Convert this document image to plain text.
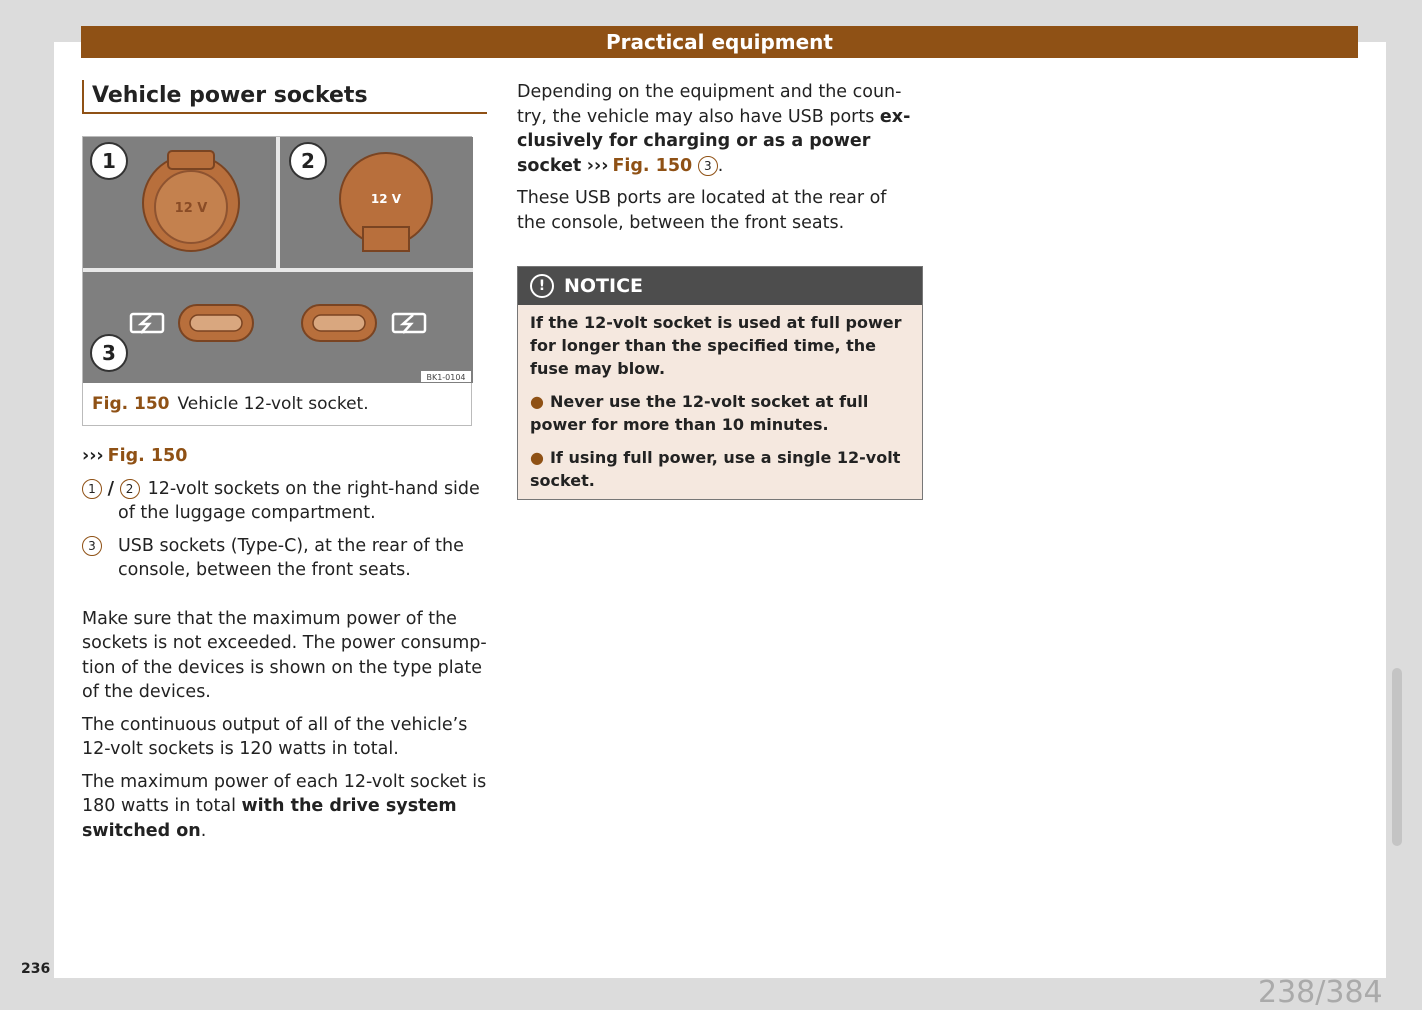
Practical equipment
Vehicle power sockets
12 V
12 V
1	2
3
BK1-0104
Fig. 150 Vehicle 12-volt socket.

››› Fig. 150

1 / 2 12-volt sockets on the right-hand side of the luggage compartment.
3 USB sockets (Type-C), at the rear of the console, between the front seats.

Make sure that the maximum power of the sockets is not exceeded. The power consump-tion of the devices is shown on the type plate of the devices.

The continuous output of all of the vehicle’s 12-volt sockets is 120 watts in total.

The maximum power of each 12-volt socket is 180 watts in total with the drive system switched on.

Depending on the equipment and the coun-try, the vehicle may also have USB ports ex-clusively for charging or as a power socket ››› Fig. 150 3 .

These USB ports are located at the rear of the console, between the front seats.

! NOTICE

If the 12-volt socket is used at full power for longer than the specified time, the fuse may blow.

● Never use the 12-volt socket at full power for more than 10 minutes.

● If using full power, use a single 12-volt socket.

236
238/384
